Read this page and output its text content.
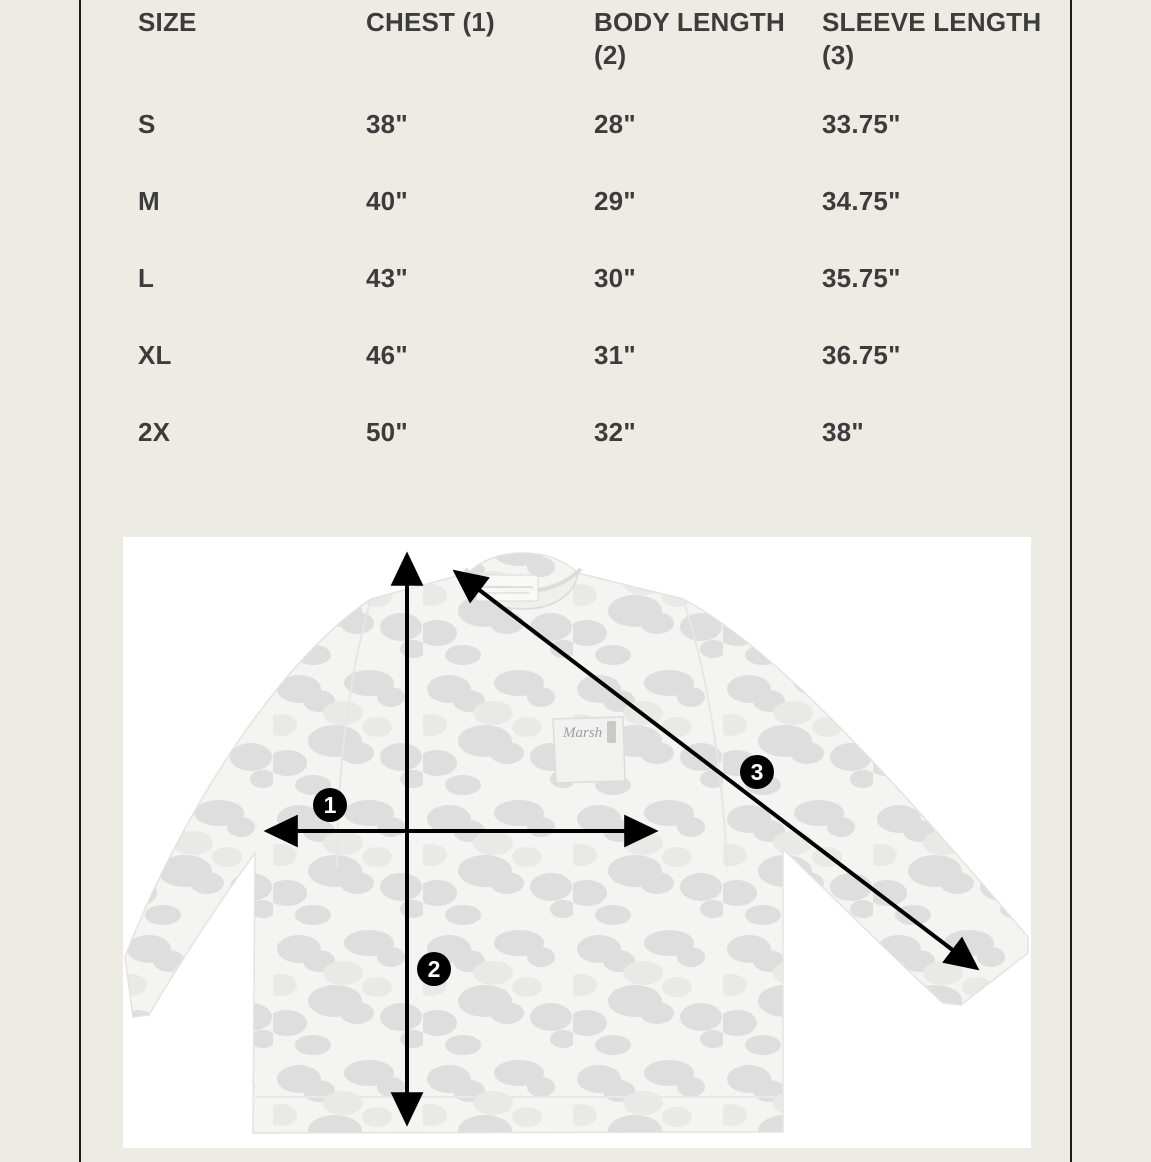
SIZE	CHEST (1)	BODY LENGTH (2)	SLEEVE LENGTH (3)
S	38"	28"	33.75"
M	40"	29"	34.75"
L	43"	30"	35.75"
XL	46"	31"	36.75"
2X	50"	32"	38"
Marsh
1
2
3
